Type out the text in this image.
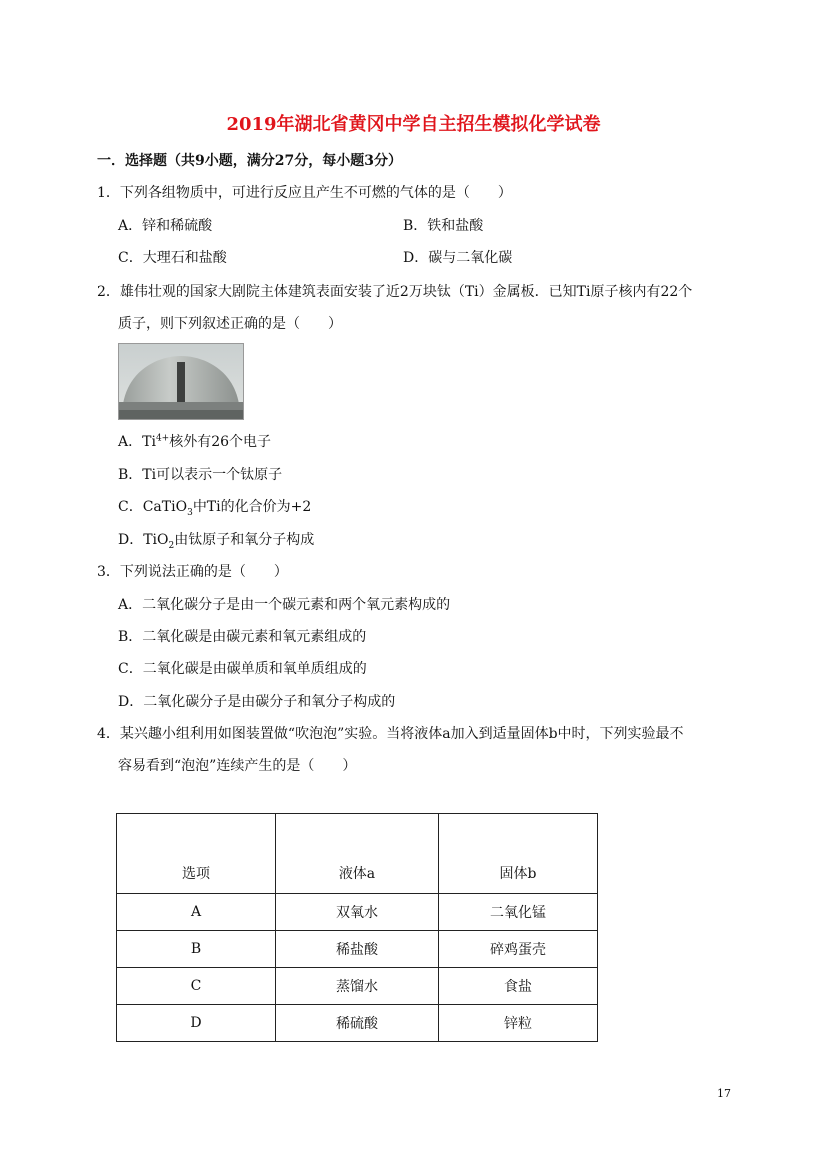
2019年湖北省黄冈中学自主招生模拟化学试卷
一．选择题（共9小题，满分27分，每小题3分）
1．下列各组物质中，可进行反应且产生不可燃的气体的是（　　）
A．锌和稀硫酸	B．铁和盐酸
C．大理石和盐酸	D．碳与二氧化碳
2．雄伟壮观的国家大剧院主体建筑表面安装了近2万块钛（Ti）金属板．已知Ti原子核内有22个
质子，则下列叙述正确的是（　　）
A．$Ti^{4+}$核外有26个电子
B．Ti可以表示一个钛原子
C．CaTiO$_3$中Ti的化合价为+2
D．TiO$_2$由钛原子和氧分子构成
3．下列说法正确的是（　　）
A．二氧化碳分子是由一个碳元素和两个氧元素构成的
B．二氧化碳是由碳元素和氧元素组成的
C．二氧化碳是由碳单质和氧单质组成的
D．二氧化碳分子是由碳分子和氧分子构成的
4．某兴趣小组利用如图装置做“吹泡泡”实验。当将液体a加入到适量固体b中时，下列实验最不
容易看到“泡泡”连续产生的是（　　）
选项	液体a	固体b
A	双氧水	二氧化锰
B	稀盐酸	碎鸡蛋壳
C	蒸馏水	食盐
D	稀硫酸	锌粒
17
